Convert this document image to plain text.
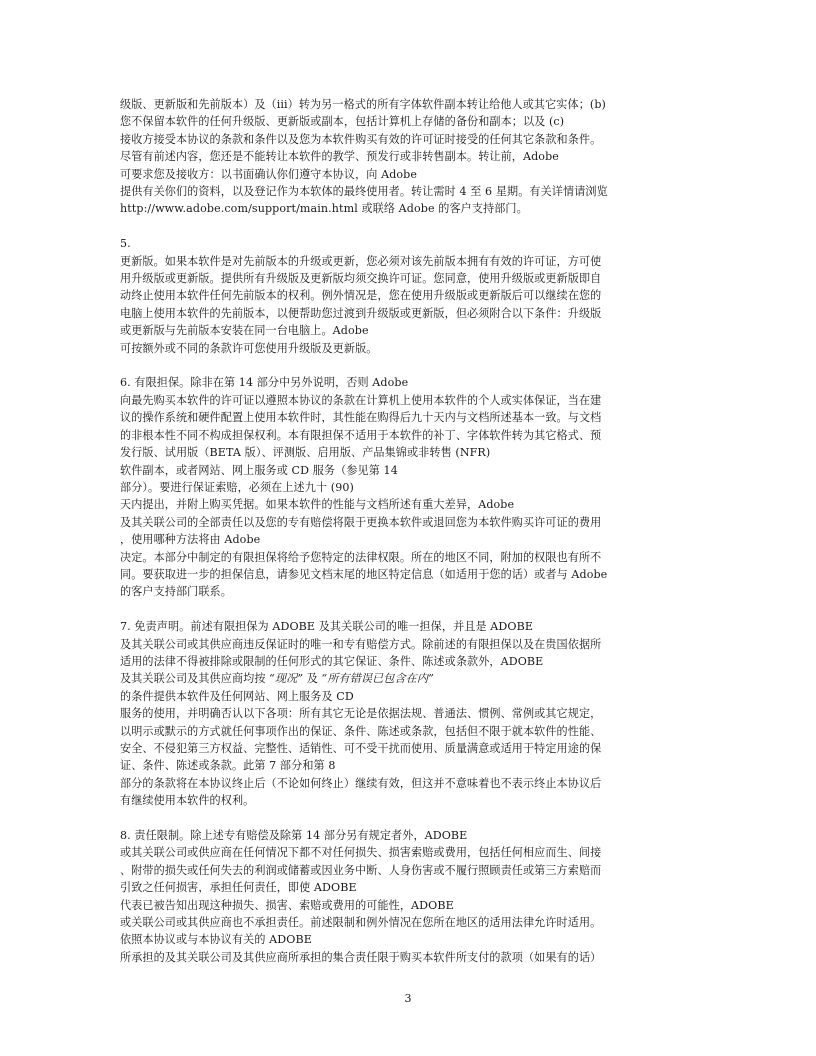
级版、更新版和先前版本）及（iii）转为另一格式的所有字体软件副本转让给他人或其它实体；(b)
您不保留本软件的任何升级版、更新版或副本，包括计算机上存储的备份和副本；以及 (c)
接收方接受本协议的条款和条件以及您为本软件购买有效的许可证时接受的任何其它条款和条件。
尽管有前述内容，您还是不能转让本软件的教学、预发行或非转售副本。转让前，Adobe
可要求您及接收方：以书面确认你们遵守本协议，向 Adobe
提供有关你们的资料，以及登记作为本软体的最终使用者。转让需时 4 至 6 星期。有关详情请浏览
http://www.adobe.com/support/main.html 或联络 Adobe 的客户支持部门。
5.
更新版。如果本软件是对先前版本的升级或更新，您必须对该先前版本拥有有效的许可证，方可使
用升级版或更新版。提供所有升级版及更新版均须交换许可证。您同意，使用升级版或更新版即自
动终止使用本软件任何先前版本的权利。例外情况是，您在使用升级版或更新版后可以继续在您的
电脑上使用本软件的先前版本，以便帮助您过渡到升级版或更新版，但必须附合以下条件：升级版
或更新版与先前版本安装在同一台电脑上。Adobe
可按额外或不同的条款许可您使用升级版及更新版。
6. 有限担保。除非在第 14 部分中另外说明，否则 Adobe
向最先购买本软件的许可证以遵照本协议的条款在计算机上使用本软件的个人或实体保证，当在建
议的操作系统和硬件配置上使用本软件时，其性能在购得后九十天内与文档所述基本一致。与文档
的非根本性不同不构成担保权利。本有限担保不适用于本软件的补丁、字体软件转为其它格式、预
发行版、试用版（BETA 版）、评测版、启用版、产品集锦或非转售 (NFR)
软件副本，或者网站、网上服务或 CD 服务（参见第 14
部分）。要进行保证索赔，必须在上述九十 (90)
天内提出，并附上购买凭据。如果本软件的性能与文档所述有重大差异，Adobe
及其关联公司的全部责任以及您的专有赔偿将限于更换本软件或退回您为本软件购买许可证的费用
，使用哪种方法将由 Adobe
决定。本部分中制定的有限担保将给予您特定的法律权限。所在的地区不同，附加的权限也有所不
同。要获取进一步的担保信息，请参见文档末尾的地区特定信息（如适用于您的话）或者与 Adobe
的客户支持部门联系。
7. 免责声明。前述有限担保为 ADOBE 及其关联公司的唯一担保，并且是 ADOBE
及其关联公司或其供应商违反保证时的唯一和专有赔偿方式。除前述的有限担保以及在贵国依据所
适用的法律不得被排除或限制的任何形式的其它保证、条件、陈述或条款外，ADOBE
及其关联公司及其供应商均按 “现况” 及 “所有错误已包含在内”
的条件提供本软件及任何网站、网上服务及 CD
服务的使用，并明确否认以下各项：所有其它无论是依据法规、普通法、惯例、常例或其它规定，
以明示或默示的方式就任何事项作出的保证、条件、陈述或条款，包括但不限于就本软件的性能、
安全、不侵犯第三方权益、完整性、适销性、可不受干扰而使用、质量满意或适用于特定用途的保
证、条件、陈述或条款。此第 7 部分和第 8
部分的条款将在本协议终止后（不论如何终止）继续有效，但这并不意味着也不表示终止本协议后
有继续使用本软件的权利。
8. 责任限制。除上述专有赔偿及除第 14 部分另有规定者外，ADOBE
或其关联公司或供应商在任何情况下都不对任何损失、损害索赔或费用，包括任何相应而生、间接
、附带的损失或任何失去的利润或储蓄或因业务中断、人身伤害或不履行照顾责任或第三方索赔而
引致之任何损害，承担任何责任，即使 ADOBE
代表已被告知出现这种损失、损害、索赔或费用的可能性，ADOBE
或关联公司或其供应商也不承担责任。前述限制和例外情况在您所在地区的适用法律允许时适用。
依照本协议或与本协议有关的 ADOBE
所承担的及其关联公司及其供应商所承担的集合责任限于购买本软件所支付的款项（如果有的话）
3
